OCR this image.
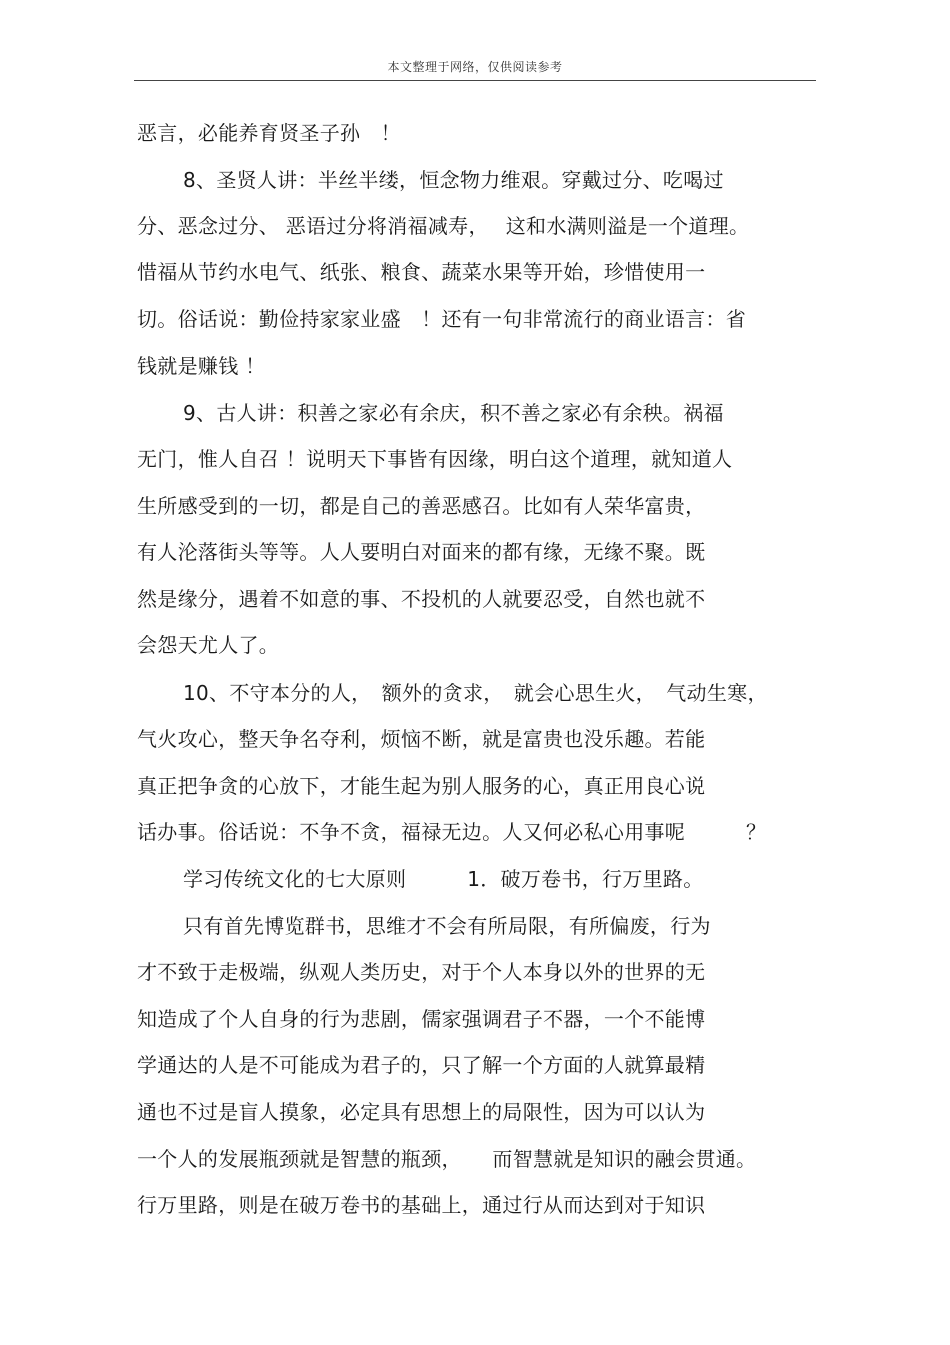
本文整理于网络，仅供阅读参考
恶言，必能养育贤圣子孙　！
8、圣贤人讲：半丝半缕，恒念物力维艰。穿戴过分、吃喝过
分、恶念过分、 恶语过分将消福减寿，　 这和水满则溢是一个道理。
惜福从节约水电气、纸张、粮食、蔬菜水果等开始，珍惜使用一
切。俗话说：勤俭持家家业盛　！还有一句非常流行的商业语言：省
钱就是赚钱 ！
9、古人讲：积善之家必有余庆，积不善之家必有余秧。祸福
无门，惟人自召 ！说明天下事皆有因缘，明白这个道理，就知道人
生所感受到的一切，都是自己的善恶感召。比如有人荣华富贵，
有人沦落街头等等。人人要明白对面来的都有缘，无缘不聚。既
然是缘分，遇着不如意的事、不投机的人就要忍受，自然也就不
会怨天尤人了。
10、不守本分的人，　额外的贪求，　就会心思生火，　气动生寒，
气火攻心，整天争名夺利，烦恼不断，就是富贵也没乐趣。若能
真正把争贪的心放下，才能生起为别人服务的心，真正用良心说
话办事。俗话说：不争不贪，福禄无边。人又何必私心用事呢　　　？
学习传统文化的七大原则　　　1．破万卷书，行万里路。
只有首先博览群书，思维才不会有所局限，有所偏废，行为
才不致于走极端，纵观人类历史，对于个人本身以外的世界的无
知造成了个人自身的行为悲剧，儒家强调君子不器，一个不能博
学通达的人是不可能成为君子的，只了解一个方面的人就算最精
通也不过是盲人摸象，必定具有思想上的局限性，因为可以认为
一个人的发展瓶颈就是智慧的瓶颈，　　而智慧就是知识的融会贯通。
行万里路，则是在破万卷书的基础上，通过行从而达到对于知识
